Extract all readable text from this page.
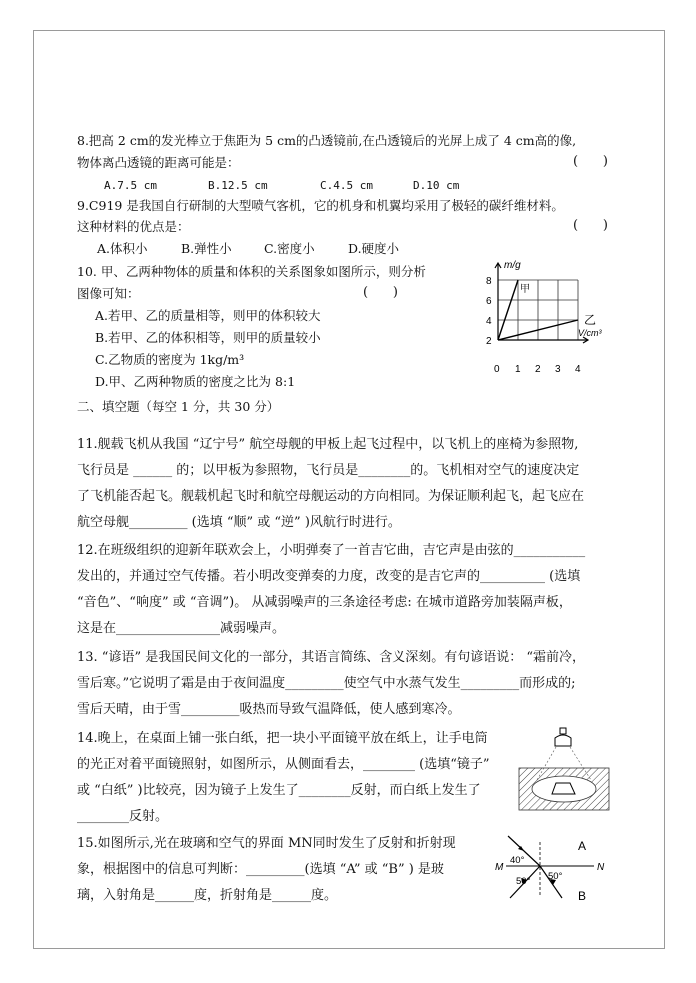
8.把高 2 cm的发光棒立于焦距为 5 cm的凸透镜前,在凸透镜后的光屏上成了 4 cm高的像,
物体离凸透镜的距离可能是：	(      )
A.7.5 cm	B.12.5 cm	C.4.5 cm	D.10 cm
9.C919 是我国自行研制的大型喷气客机，它的机身和机翼均采用了极轻的碳纤维材料。
这种材料的优点是：	(      )
A.体积小	B.弹性小	C.密度小	D.硬度小
10. 甲、乙两种物体的质量和体积的关系图象如图所示，则分析
图像可知：	(      )
A.若甲、乙的质量相等，则甲的体积较大
B.若甲、乙的体积相等，则甲的质量较小
C.乙物质的密度为 1kg/m³
D.甲、乙两种物质的密度之比为 8:1
m/g
V/cm³
2
4
6
8
0 1 2 3 4
甲
乙
二、填空题（每空 1 分，共 30 分）
11.舰载飞机从我国 “辽宁号” 航空母舰的甲板上起飞过程中，以飞机上的座椅为参照物,
飞行员是 ______ 的；以甲板为参照物，飞行员是________的。飞机相对空气的速度决定
了飞机能否起飞。舰载机起飞时和航空母舰运动的方向相同。为保证顺利起飞，起飞应在
航空母舰_________ (选填 “顺” 或 “逆” )风航行时进行。
12.在班级组织的迎新年联欢会上，小明弹奏了一首吉它曲，吉它声是由弦的___________
发出的，并通过空气传播。若小明改变弹奏的力度，改变的是吉它声的__________ (选填
“音色”、“响度” 或 “音调”)。 从减弱噪声的三条途径考虑: 在城市道路旁加装隔声板，
这是在________________减弱噪声。
13. “谚语” 是我国民间文化的一部分，其语言简练、含义深刻。有句谚语说： “霜前冷，
雪后寒。”它说明了霜是由于夜间温度_________使空气中水蒸气发生_________而形成的;
雪后天晴，由于雪_________吸热而导致气温降低，使人感到寒冷。
14.晚上，在桌面上铺一张白纸，把一块小平面镜平放在纸上，让手电筒
的光正对着平面镜照射，如图所示，从侧面看去，________ (选填“镜子”
或 “白纸” )比较亮，因为镜子上发生了________反射，而白纸上发生了
________反射。
15.如图所示,光在玻璃和空气的界面 MN同时发生了反射和折射现
象，根据图中的信息可判断：_________(选填 “A” 或 “B” ) 是玻
璃，入射角是______度，折射角是______度。
M	N
A
B
40°
50° 50°
